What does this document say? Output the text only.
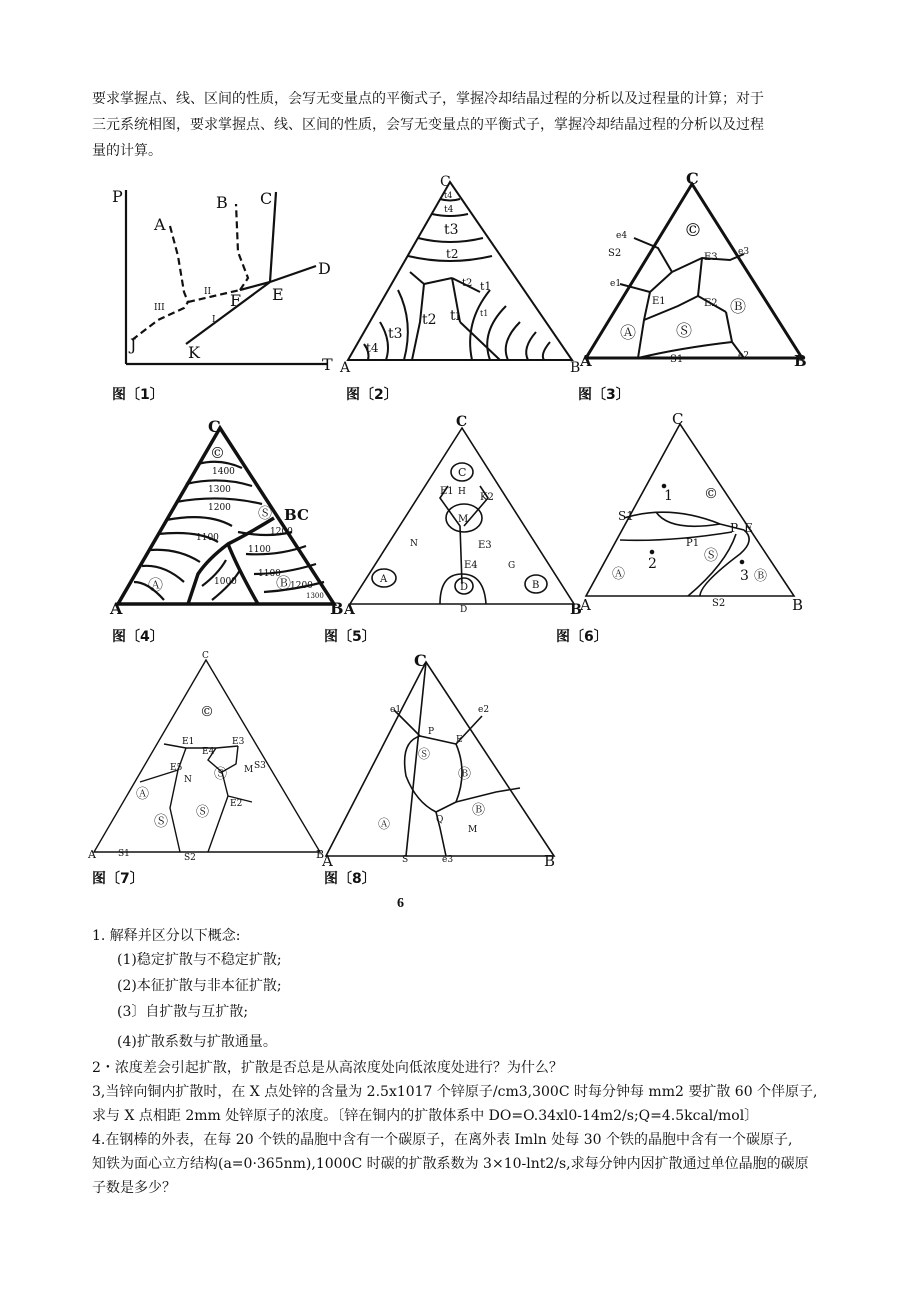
要求掌握点、线、区间的性质，会写无变量点的平衡式子，掌握冷却结晶过程的分析以及过程量的计算；对于

三元系统相图，要求掌握点、线、区间的性质，会写无变量点的平衡式子，掌握冷却结晶过程的分析以及过程

量的计算。

P
T
A
B C
D
E
F
J	K
I
II
III
图〔1〕
C
A	B
t4
t4
t3
t2
t1
ti
t2
t3
t4
t1
t2
图〔2〕
C
A	B
©
Ⓐ
Ⓑ
Ⓢ
E3
E2
E1
e4
e3
e1
e2
S2
S1
图〔3〕
C
A	B
BC
©
Ⓐ	Ⓑ
Ⓢ
1400
1300
1200
1100
1200
1100
1000
1100
1200
1300
图〔4〕
C
A	B
D
H
N
G
E1
K2
E3
E4
C
M
A
D	B
图〔5〕
C
A	B
1
2
3
S1
S2
P E
P1
©
Ⓐ	Ⓑ
Ⓢ
图〔6〕
C
A	B
E1
E4
E3
E2
E5
S1	S2
S3
N
M
©
Ⓐ
Ⓢ
Ⓢ
Ⓢ
图〔7〕
C
A	B
e1	e2
e3
P
E
Q
S
M
Ⓐ
Ⓢ
Ⓑ
Ⓑ
图〔8〕
6

1. 解释并区分以下概念:

(1)稳定扩散与不稳定扩散;

(2)本征扩散与非本征扩散;

(3〕自扩散与互扩散;

(4)扩散系数与扩散通量。

2・浓度差会引起扩散，扩散是否总是从高浓度处向低浓度处进行？为什么？

3,当锌向铜内扩散时，在 X 点处锌的含量为 2.5x1017 个锌原子/cm3,300C 时每分钟每 mm2 要扩散 60 个伴原子,

求与 X 点相距 2mm 处锌原子的浓度。〔锌在铜内的扩散体系中 DO=O.34xl0-14m2/s;Q=4.5kcal/mol〕

4.在钢棒的外表，在每 20 个铁的晶胞中含有一个碳原子，在离外表 Imln 处每 30 个铁的晶胞中含有一个碳原子,

知铁为面心立方结构(a=0·365nm),1000C 时碳的扩散系数为 3×10-lnt2/s,求每分钟内因扩散通过单位晶胞的碳原

子数是多少？
